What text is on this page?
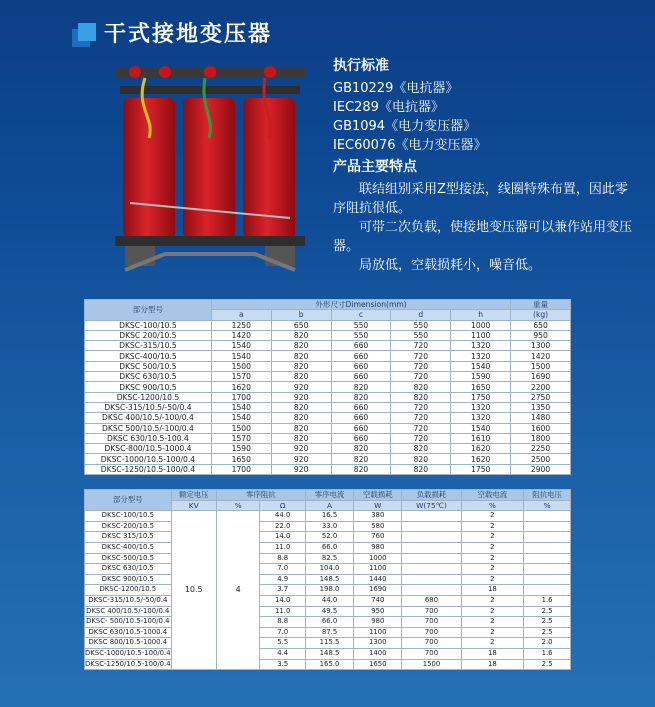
干式接地变压器
执行标准
GB10229《电抗器》
IEC289《电抗器》
GB1094《电力变压器》
IEC60076《电力变压器》
产品主要特点

联结组别采用Z型接法，线圈特殊布置，因此零序阻抗很低。

可带二次负载，使接地变压器可以兼作站用变压器。

局放低，空载损耗小，噪音低。

部分型号	外形尺寸Dimension(mm)					重量
	a	b	c	d	h	(kg)
DKSC-100/10.5	1250	650	550	550	1000	650
DKSC 200/10.5	1420	820	550	550	1100	950
DKSC-315/10.5	1540	820	660	720	1320	1300
DKSC-400/10.5	1540	820	660	720	1320	1420
DKSC 500/10.5	1500	820	660	720	1540	1500
DKSC 630/10.5	1570	820	660	720	1590	1690
DKSC 900/10.5	1620	920	820	820	1650	2200
DKSC-1200/10.5	1700	920	820	820	1750	2750
DKSC-315/10.5/-50/0.4	1540	820	660	720	1320	1350
DKSC 400/10.5/-100/0.4	1540	820	660	720	1320	1480
DKSC 500/10.5/-100/0.4	1500	820	660	720	1540	1600
DKSC 630/10.5-100.4	1570	820	660	720	1610	1800
DKSC-800/10.5-1000.4	1590	920	820	820	1620	2250
DKSC-1000/10.5-100/0.4	1650	920	820	820	1620	2500
DKSC-1250/10.5-100/0.4	1700	920	820	820	1750	2900
部分型号	额定电压	零序阻抗		零序电流	空载损耗	负载损耗	空载电流	阻抗电压
	KV	%	Ω	A	W	W(75℃)	%	%
DKSC-100/10.5	10.5	4	44.0	16.5	380		2	
DKSC-200/10.5			22.0	33.0	580		2	
DKSC 315/10.5			14.0	52.0	760		2	
DKSC-400/10.5			11.0	66.0	980		2	
DKSC-500/10.5			8.8	82.5	1000		2	
DKSC 630/10.5			7.0	104.0	1100		2	
DKSC 900/10.5			4.9	148.5	1440		2	
DKSC-1200/10.5			3.7	198.0	1690		18	
DKSC-315/10.5/-50/0.4			14.0	44.0	740	680	2	1.6
DKSC 400/10.5/-100/0.4			11.0	49.5	950	700	2	2.5
DKSC- 500/10.5-100/0.4			8.8	66.0	980	700	2	2.5
DKSC 630/10.5-1000.4			7.0	87.5	1100	700	2	2.5
DKSC 800/10.5-1000.4			5.5	115.5	1300	700	2	2.0
DKSC-1000/10.5-100/0.4			4.4	148.5	1400	700	18	1.6
DKSC-1250/10.5-100/0.4			3.5	165.0	1650	1500	18	2.5
